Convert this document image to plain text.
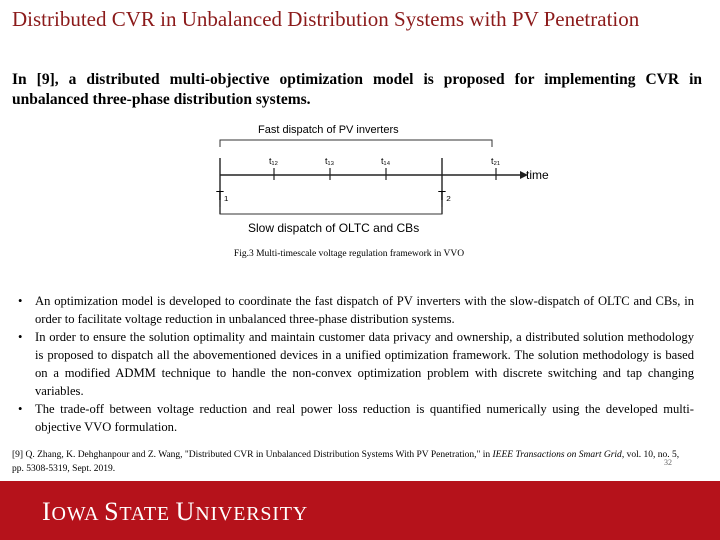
Distributed CVR in Unbalanced Distribution Systems with PV Penetration

In [9], a distributed multi-objective optimization model is proposed for implementing CVR in unbalanced three-phase distribution systems.

Fast dispatch of PV inverters
time
t₁₂	t₁₃	t₁₄	t₂₁
T₁	T₂
Slow dispatch of OLTC and CBs
Fig.3 Multi-timescale voltage regulation framework in VVO
• An optimization model is developed to coordinate the fast dispatch of PV inverters with the slow-dispatch of OLTC and CBs, in order to facilitate voltage reduction in unbalanced three-phase distribution systems.
• In order to ensure the solution optimality and maintain customer data privacy and ownership, a distributed solution methodology is proposed to dispatch all the abovementioned devices in a unified optimization framework. The solution methodology is based on a modified ADMM technique to handle the non-convex optimization problem with discrete switching and tap changing variables.
• The trade-off between voltage reduction and real power loss reduction is quantified numerically using the developed multi-objective VVO formulation.
[9] Q. Zhang, K. Dehghanpour and Z. Wang, "Distributed CVR in Unbalanced Distribution Systems With PV Penetration," in IEEE Transactions on Smart Grid, vol. 10, no. 5, pp. 5308-5319, Sept. 2019.
32
IOWA STATE UNIVERSITY
